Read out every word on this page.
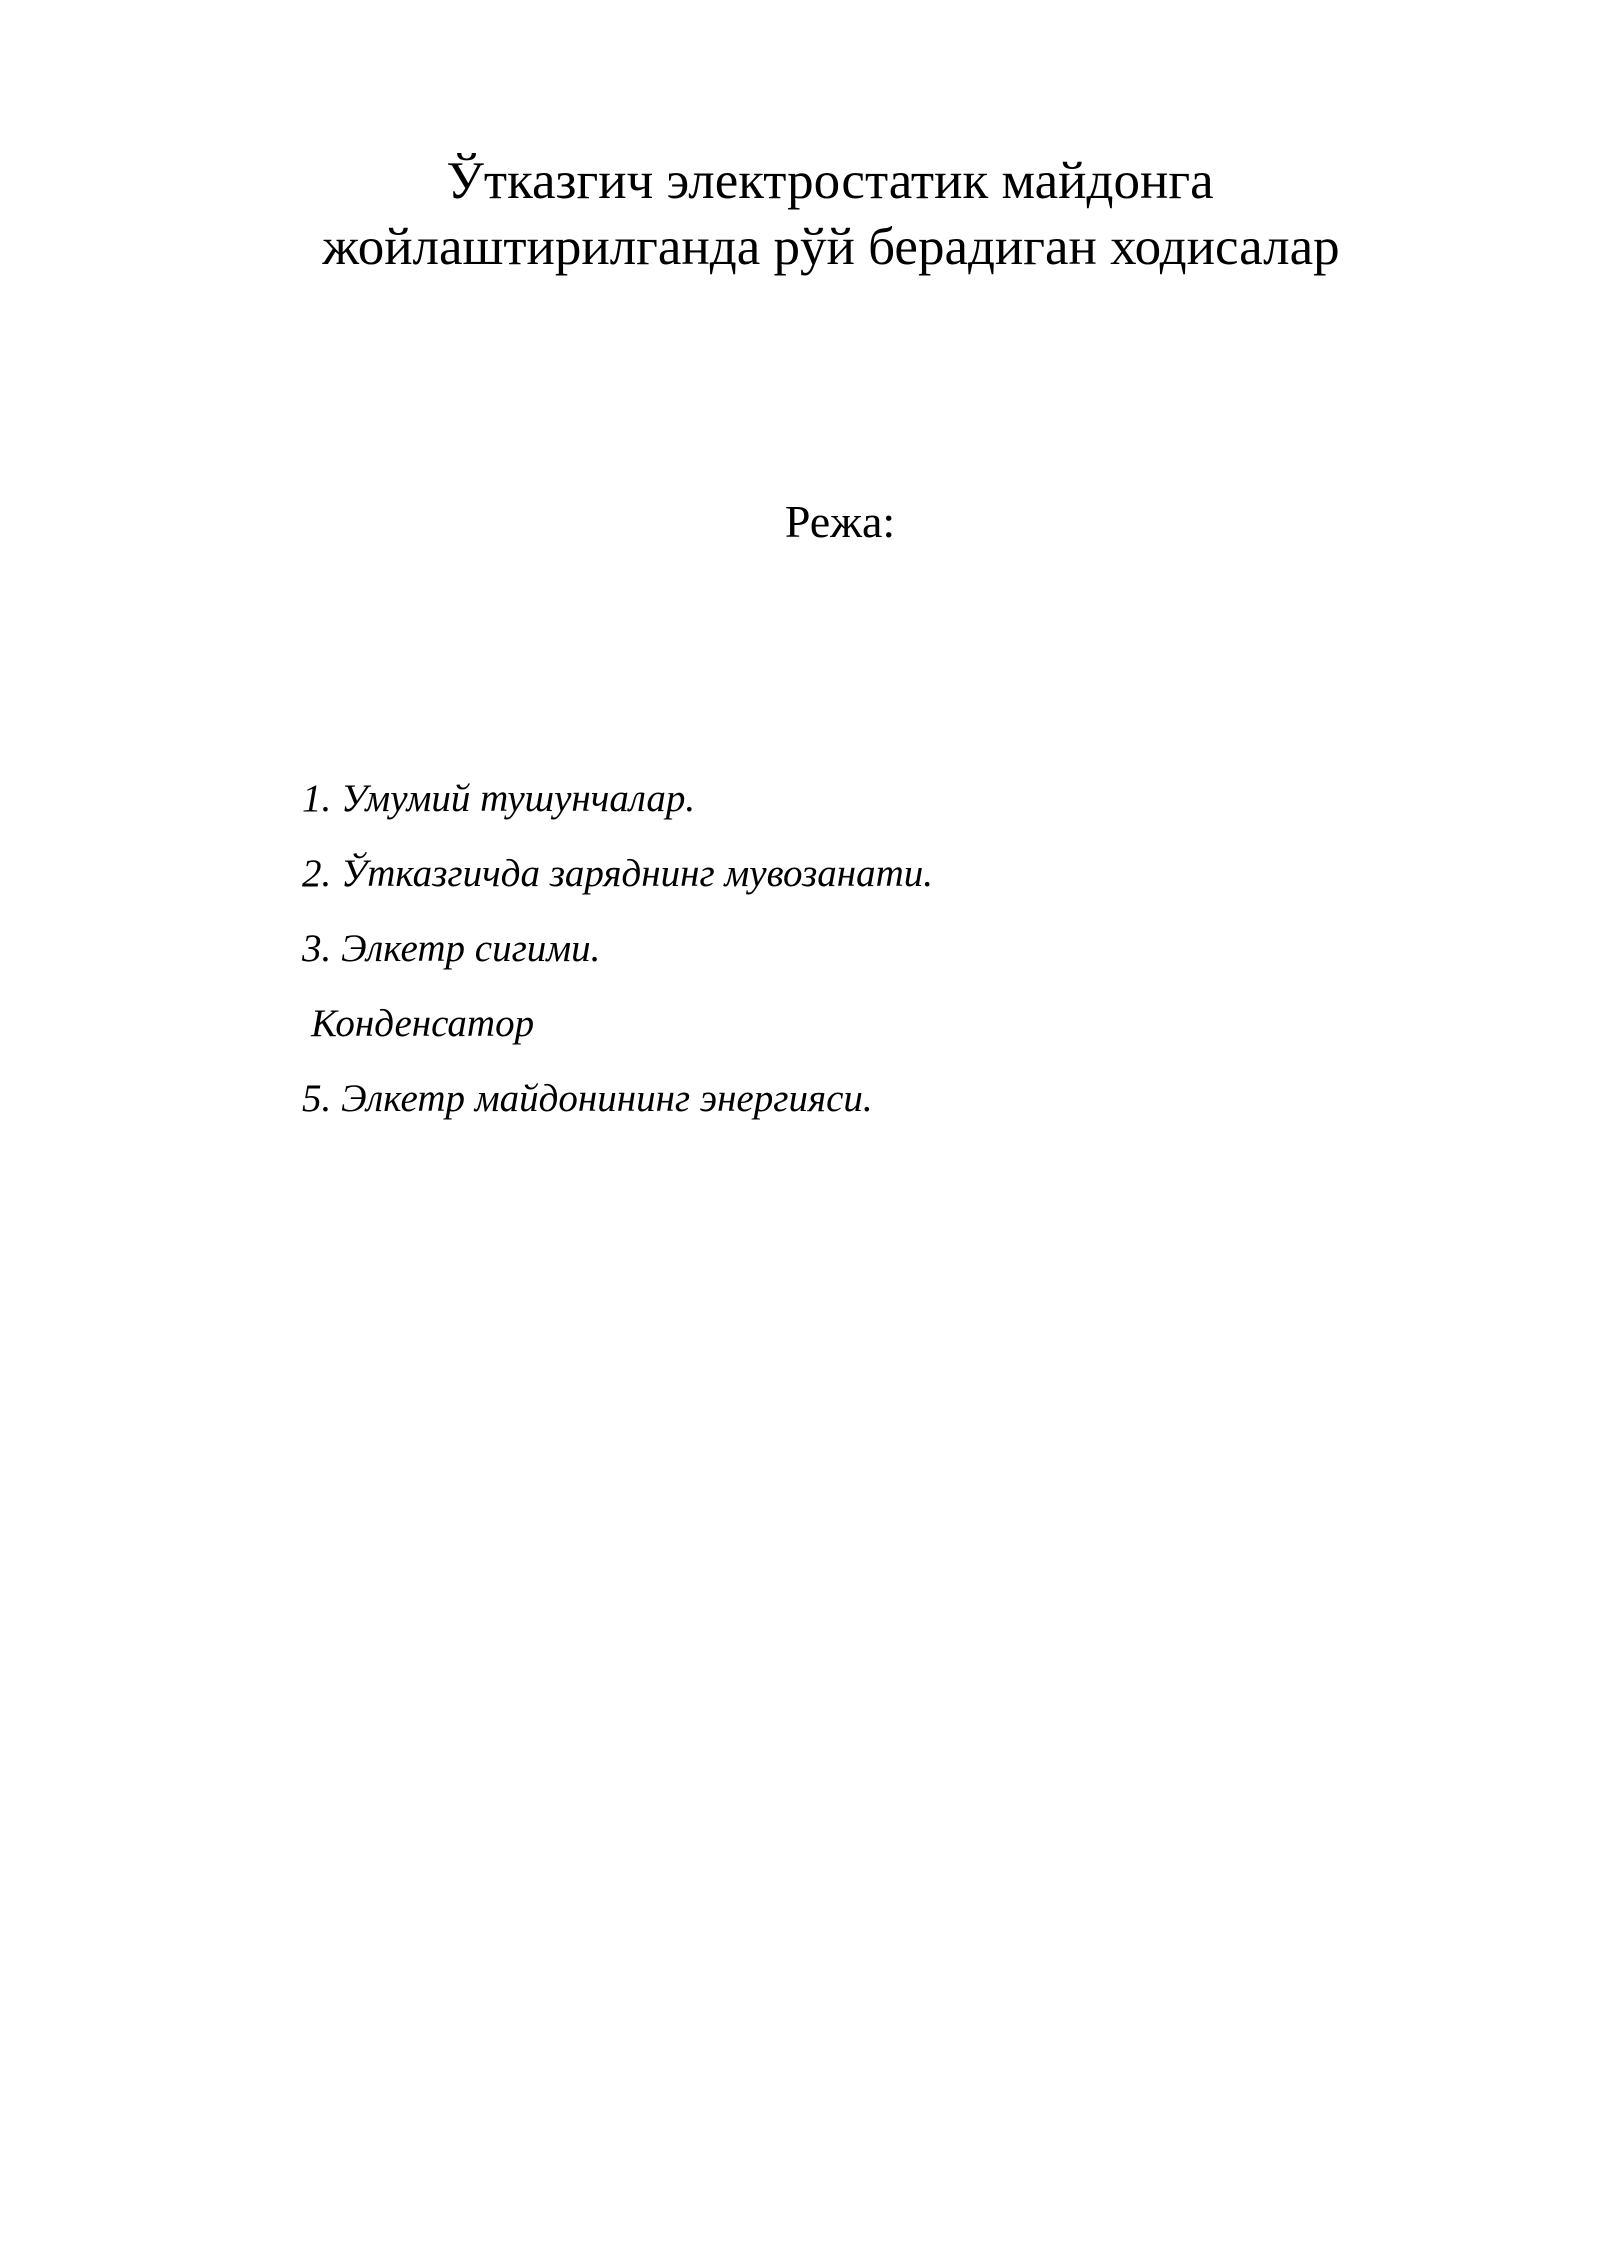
Ўтказгич электростатик майдонга
жойлаштирилганда рўй берадиган ходисалар
Режа:
1. Умумий тушунчалар.
2. Ўтказгичда заряднинг мувозанати.
3. Элкетр сигими.
Конденсатор
5. Элкетр майдонининг энергияси.
